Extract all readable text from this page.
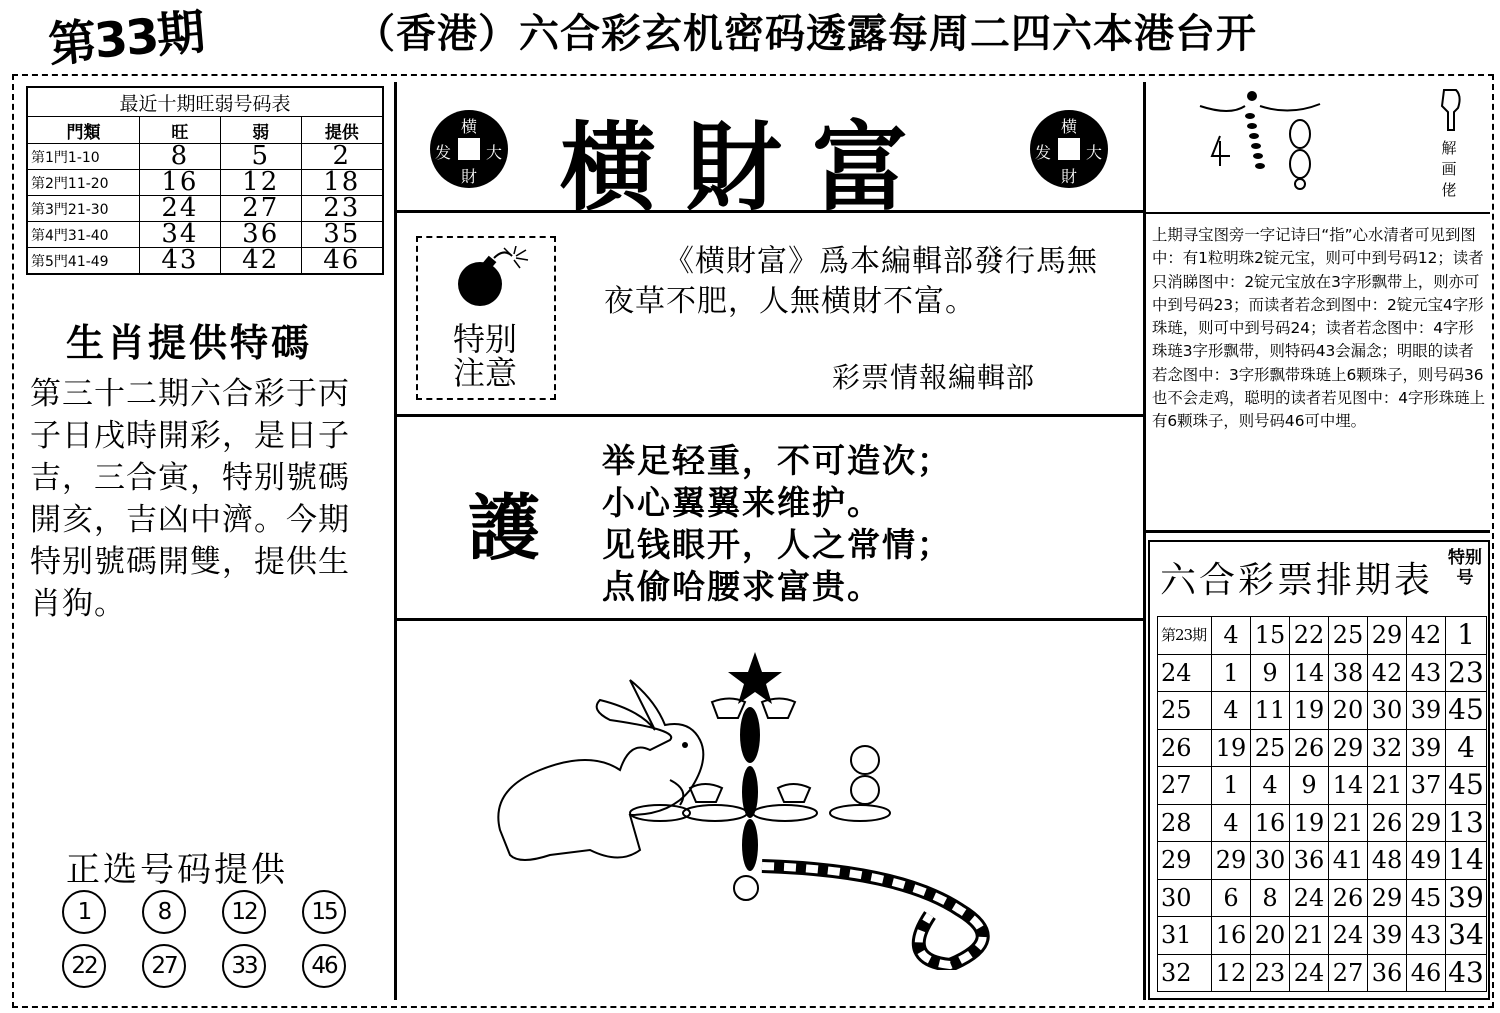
第33期	（香港）六合彩玄机密码透露每周二四六本港台开
最近十期旺弱号码表			
門類	旺	弱	提供
第1門1-10	8	5	2
第2門11-20	16	12	18
第3門21-30	24	27	23
第4門31-40	34	36	35
第5門41-49	43	42	46
生肖提供特碼
第三十二期六合彩于丙子日戌時開彩，是日子吉，三合寅，特别號碼開亥，吉凶中濟。今期特别號碼開雙，提供生肖狗。
正选号码提供
1	8	12	15
22	27	33	46
横
大
財
发 横財富	横
大
財
发
特别
注意
《横財富》爲本編輯部發行馬無夜草不肥，人無横財不富。
彩票情報編輯部
護
举足轻重，不可造次；
小心翼翼来维护。
见钱眼开，人之常情；
点偷哈腰求富贵。
解画佬
上期寻宝图旁一字记诗曰“指”心水清者可见到图中：有1粒明珠2锭元宝，则可中到号码12；读者只消睇图中：2锭元宝放在3字形飘带上，则亦可中到号码23；而读者若念到图中：2锭元宝4字形珠琏，则可中到号码24；读者若念图中：4字形珠琏3字形飘带，则特码43会漏念；明眼的读者若念图中：3字形飘带珠琏上6颗珠子，则号码36也不会走鸡，聪明的读者若见图中：4字形珠琏上有6颗珠子，则号码46可中埋。
六合彩票排期表
特别号
第23期	4	15	22	25	29	42	1
24	1	9	14	38	42	43	23
25	4	11	19	20	30	39	45
26	19	25	26	29	32	39	4
27	1	4	9	14	21	37	45
28	4	16	19	21	26	29	13
29	29	30	36	41	48	49	14
30	6	8	24	26	29	45	39
31	16	20	21	24	39	43	34
32	12	23	24	27	36	46	43
